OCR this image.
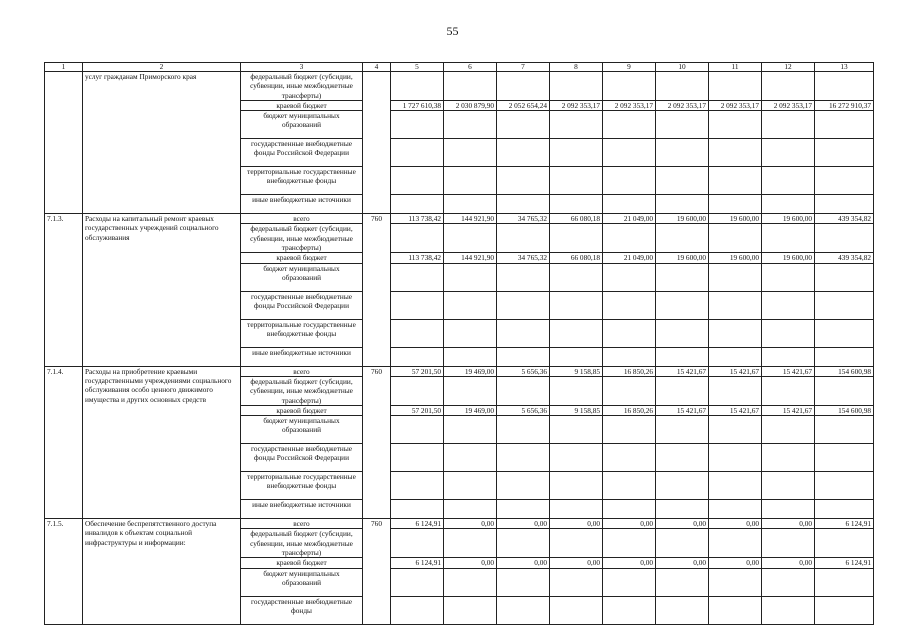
55
1	2	3	4	5	6	7	8	9	10	11	12	13
	услуг гражданам Приморского края	федеральный бюджет (субсидии, субвенции, иные межбюджетные трансферты)										
		краевой бюджет		1 727 610,38	2 030 879,90	2 052 654,24	2 092 353,17	2 092 353,17	2 092 353,17	2 092 353,17	2 092 353,17	16 272 910,37
		бюджет муниципальных образований										
		государственные внебюджетные фонды Российской Федерации										
		территориальные государственные внебюджетные фонды										
		иные внебюджетные источники										
7.1.3.	Расходы на капитальный ремонт краевых государственных учреждений социального обслуживания	всего	760	113 738,42	144 921,90	34 765,32	66 080,18	21 049,00	19 600,00	19 600,00	19 600,00	439 354,82
		федеральный бюджет (субсидии, субвенции, иные межбюджетные трансферты)										
		краевой бюджет		113 738,42	144 921,90	34 765,32	66 080,18	21 049,00	19 600,00	19 600,00	19 600,00	439 354,82
		бюджет муниципальных образований										
		государственные внебюджетные фонды Российской Федерации										
		территориальные государственные внебюджетные фонды										
		иные внебюджетные источники										
7.1.4.	Расходы на приобретение краевыми государственными учреждениями социального обслуживания особо ценного движимого имущества и других основных средств	всего	760	57 201,50	19 469,00	5 656,36	9 158,85	16 850,26	15 421,67	15 421,67	15 421,67	154 600,98
		федеральный бюджет (субсидии, субвенции, иные межбюджетные трансферты)										
		краевой бюджет		57 201,50	19 469,00	5 656,36	9 158,85	16 850,26	15 421,67	15 421,67	15 421,67	154 600,98
		бюджет муниципальных образований										
		государственные внебюджетные фонды Российской Федерации										
		территориальные государственные внебюджетные фонды										
		иные внебюджетные источники										
7.1.5.	Обеспечение беспрепятственного доступа инвалидов к объектам социальной инфраструктуры и информации:	всего	760	6 124,91	0,00	0,00	0,00	0,00	0,00	0,00	0,00	6 124,91
		федеральный бюджет (субсидии, субвенции, иные межбюджетные трансферты)										
		краевой бюджет		6 124,91	0,00	0,00	0,00	0,00	0,00	0,00	0,00	6 124,91
		бюджет муниципальных образований										
		государственные внебюджетные фонды										
